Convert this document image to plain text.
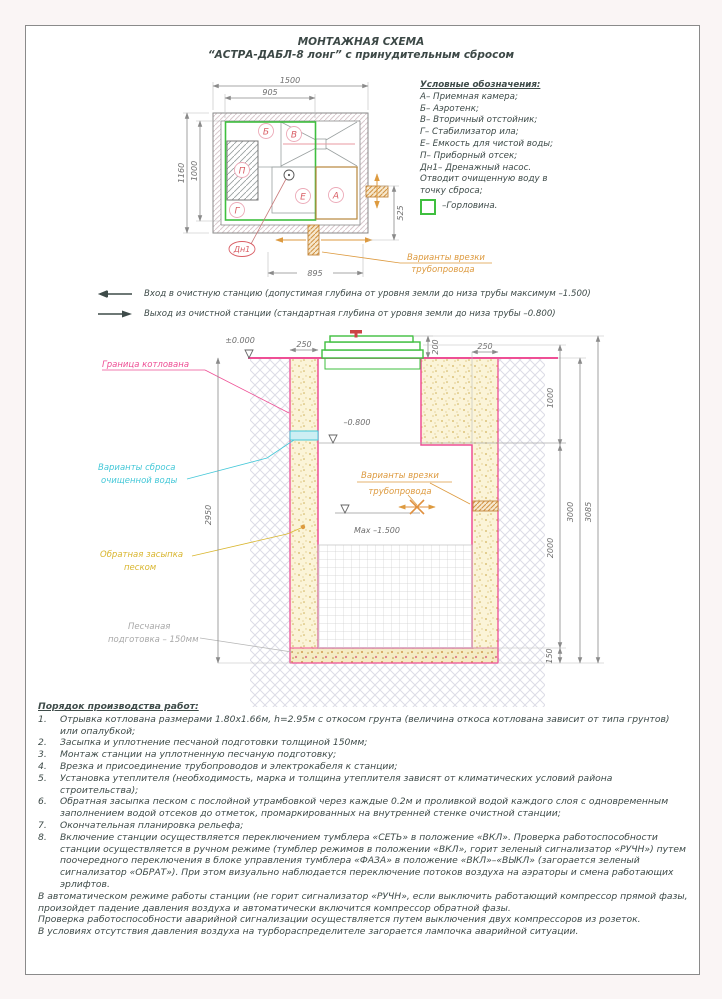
МОНТАЖНАЯ СХЕМА
“АСТРА-ДАБЛ-8 лонг” с принудительным сбросом
Условные обозначения:
А– Приемная камера;
Б– Аэротенк;
В– Вторичный отстойник;
Г– Стабилизатор ила;
Е– Емкость для чистой воды;
П– Приборный отсек;
Дн1– Дренажный насос.
Отводит очищенную воду в
точку сброса;
–Горловина.
Б В
П
Г
Е	А
Дн1
1500
905
1160 1000
525
895
Варианты врезки
трубопровода
Варианты сброса
очищенной воды
Граница котлована
Обратная засыпка
песком
Песчаная
подготовка – 150мм
±0.000
–0.800
Max –1.500
Варианты врезки
трубопровода
2950
250	200	250
1000
2000
150
3000 3085
Вход в очистную станцию (допустимая глубина от уровня земли до низа трубы максимум –1.500)
Выход из очистной станции (стандартная глубина от уровня земли до низа трубы –0.800)
Порядок производства работ:
1.	Отрывка котлована размерами 1.80х1.66м, h=2.95м с откосом грунта (величина откоса котлована зависит от типа грунтов) или опалубкой;
2.	Засыпка и уплотнение песчаной подготовки толщиной 150мм;
3.	Монтаж станции на уплотненную песчаную подготовку;
4.	Врезка и присоединение трубопроводов и электрокабеля к станции;
5.	Установка утеплителя (необходимость, марка и толщина утеплителя зависят от климатических условий района строительства);
6.	Обратная засыпка песком с послойной утрамбовкой через каждые 0.2м и проливкой водой каждого слоя с одновременным заполнением водой отсеков до отметок, промаркированных на внутренней стенке очистной станции;
7.	Окончательная планировка рельефа;
8.	Включение станции осуществляется переключением тумблера «СЕТЬ» в положение «ВКЛ». Проверка работоспособности станции осуществляется в ручном режиме (тумблер режимов в положении «ВКЛ», горит зеленый сигнализатор «РУЧН») путем поочередного переключения в блоке управления тумблера «ФАЗА» в положение «ВКЛ»–«ВЫКЛ» (загорается зеленый сигнализатор «ОБРАТ»). При этом визуально наблюдается переключение потоков воздуха на аэраторы и смена работающих эрлифтов.
В автоматическом режиме работы станции (не горит сигнализатор «РУЧН», если выключить работающий компрессор прямой фазы, произойдет падение давления воздуха и автоматически включится компрессор обратной фазы.
Проверка работоспособности аварийной сигнализации осуществляется путем выключения двух компрессоров из розеток.
В условиях отсутствия давления воздуха на турбораспределителе загорается лампочка аварийной ситуации.
